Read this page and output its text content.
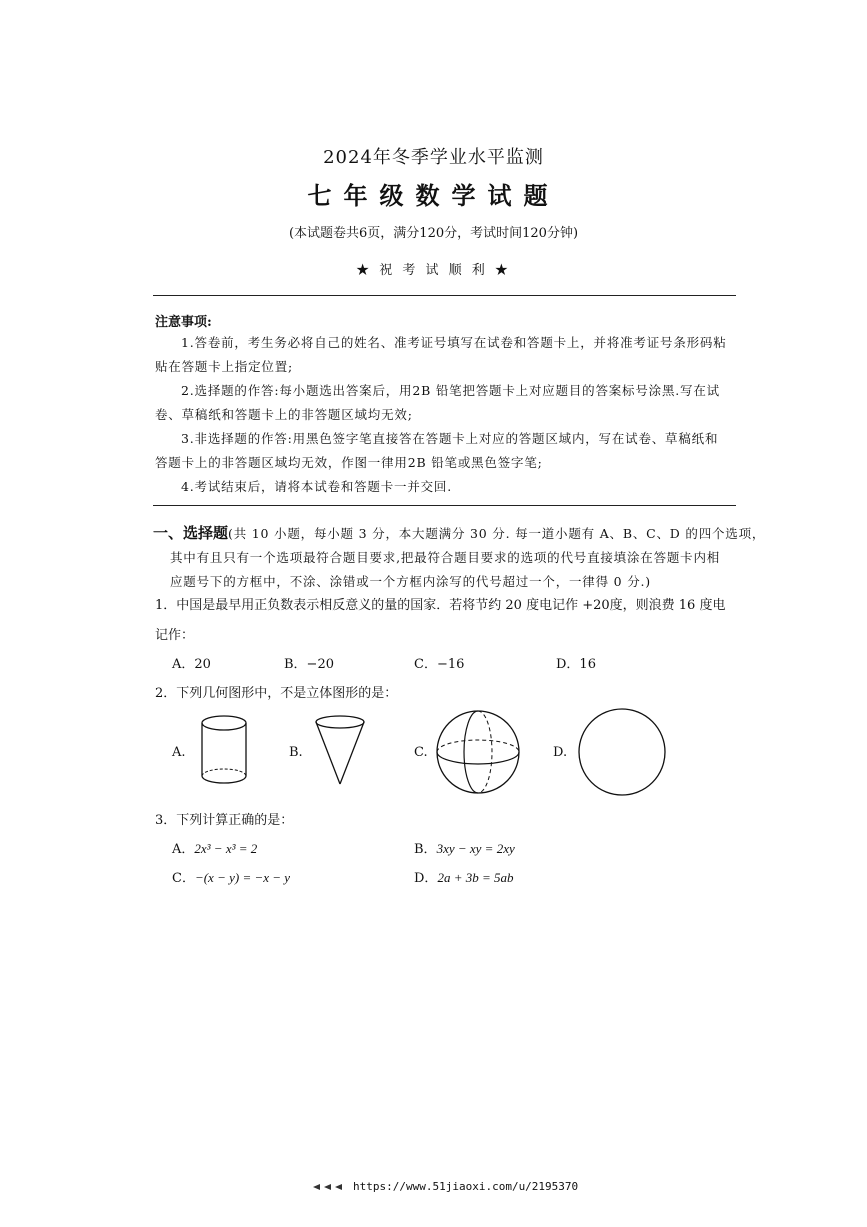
2024年冬季学业水平监测
七年级数学试题
(本试题卷共6页，满分120分，考试时间120分钟)
★ 祝 考 试 顺 利 ★
注意事项:
1.答卷前，考生务必将自己的姓名、准考证号填写在试卷和答题卡上，并将准考证号条形码粘
贴在答题卡上指定位置;
2.选择题的作答:每小题选出答案后，用2B 铅笔把答题卡上对应题目的答案标号涂黑.写在试
卷、草稿纸和答题卡上的非答题区域均无效;
3.非选择题的作答:用黑色签字笔直接答在答题卡上对应的答题区域内，写在试卷、草稿纸和
答题卡上的非答题区域均无效，作图一律用2B 铅笔或黑色签字笔;
4.考试结束后，请将本试卷和答题卡一并交回.
一、选择题(共 10 小题，每小题 3 分，本大题满分 30 分. 每一道小题有 A、B、C、D 的四个选项，
其中有且只有一个选项最符合题目要求,把最符合题目要求的选项的代号直接填涂在答题卡内相
应题号下的方框中，不涂、涂错或一个方框内涂写的代号超过一个，一律得 0 分.)
1．中国是最早用正负数表示相反意义的量的国家．若将节约 20 度电记作 +20度，则浪费 16 度电
记作：
A．20	B．−20	C．−16	D．16
2．下列几何图形中，不是立体图形的是：
A.	B.	C.	D.
3．下列计算正确的是：
A．2x³ − x³ = 2	B．3xy − xy = 2xy
C．−(x − y) = −x − y	D．2a + 3b = 5ab
https://www.51jiaoxi.com/u/2195370
